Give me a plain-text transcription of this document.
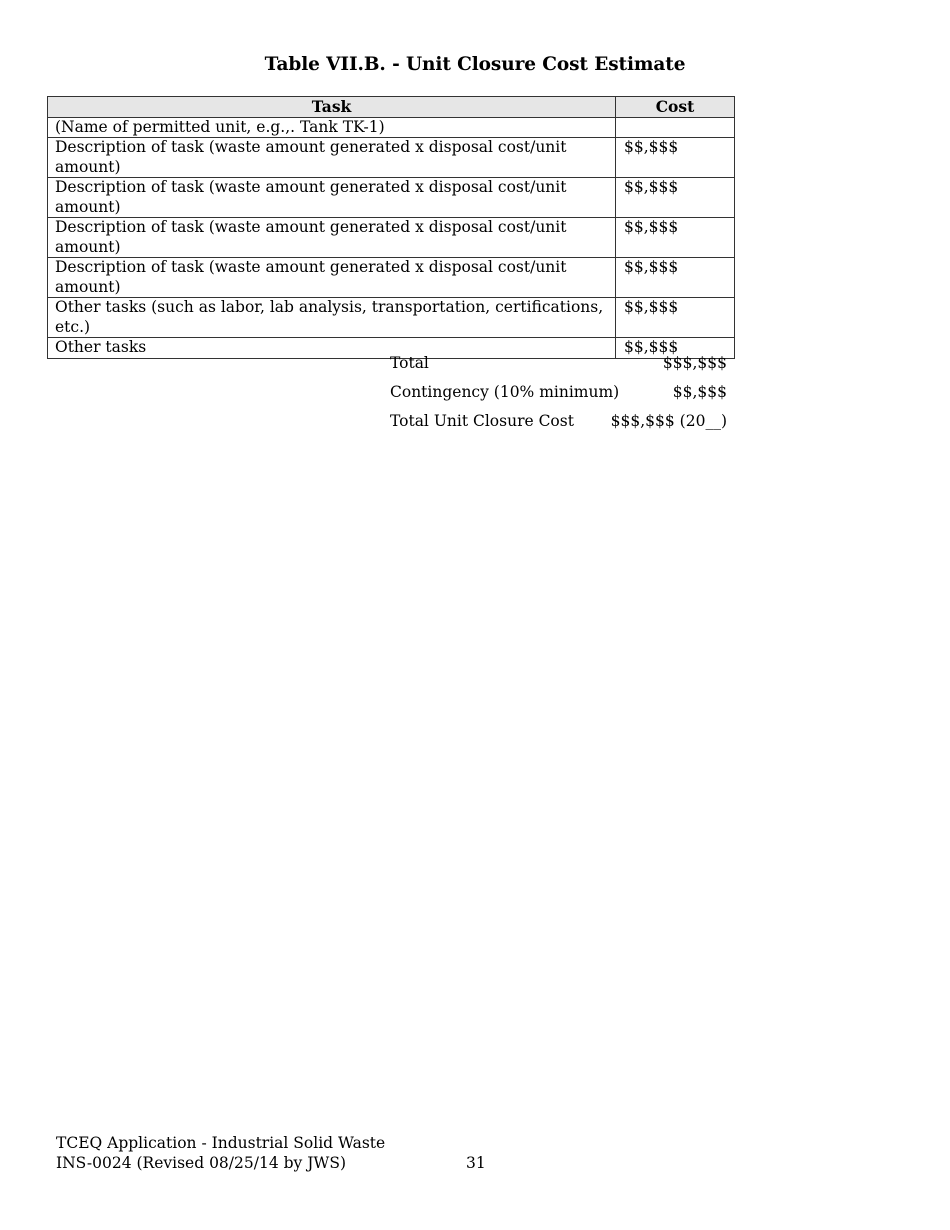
Table VII.B. - Unit Closure Cost Estimate
Task	Cost
(Name of permitted unit, e.g.,. Tank TK-1)	
Description of task (waste amount generated x disposal cost/unit amount)	$$,$$$
Description of task (waste amount generated x disposal cost/unit amount)	$$,$$$
Description of task (waste amount generated x disposal cost/unit amount)	$$,$$$
Description of task (waste amount generated x disposal cost/unit amount)	$$,$$$
Other tasks (such as labor, lab analysis, transportation, certifications, etc.)	$$,$$$
Other tasks	$$,$$$
Total	$$$,$$$
Contingency (10% minimum)	$$,$$$
Total Unit Closure Cost $$$,$$$ (20__)
TCEQ Application - Industrial Solid Waste
INS-0024 (Revised 08/25/14 by JWS)	31
